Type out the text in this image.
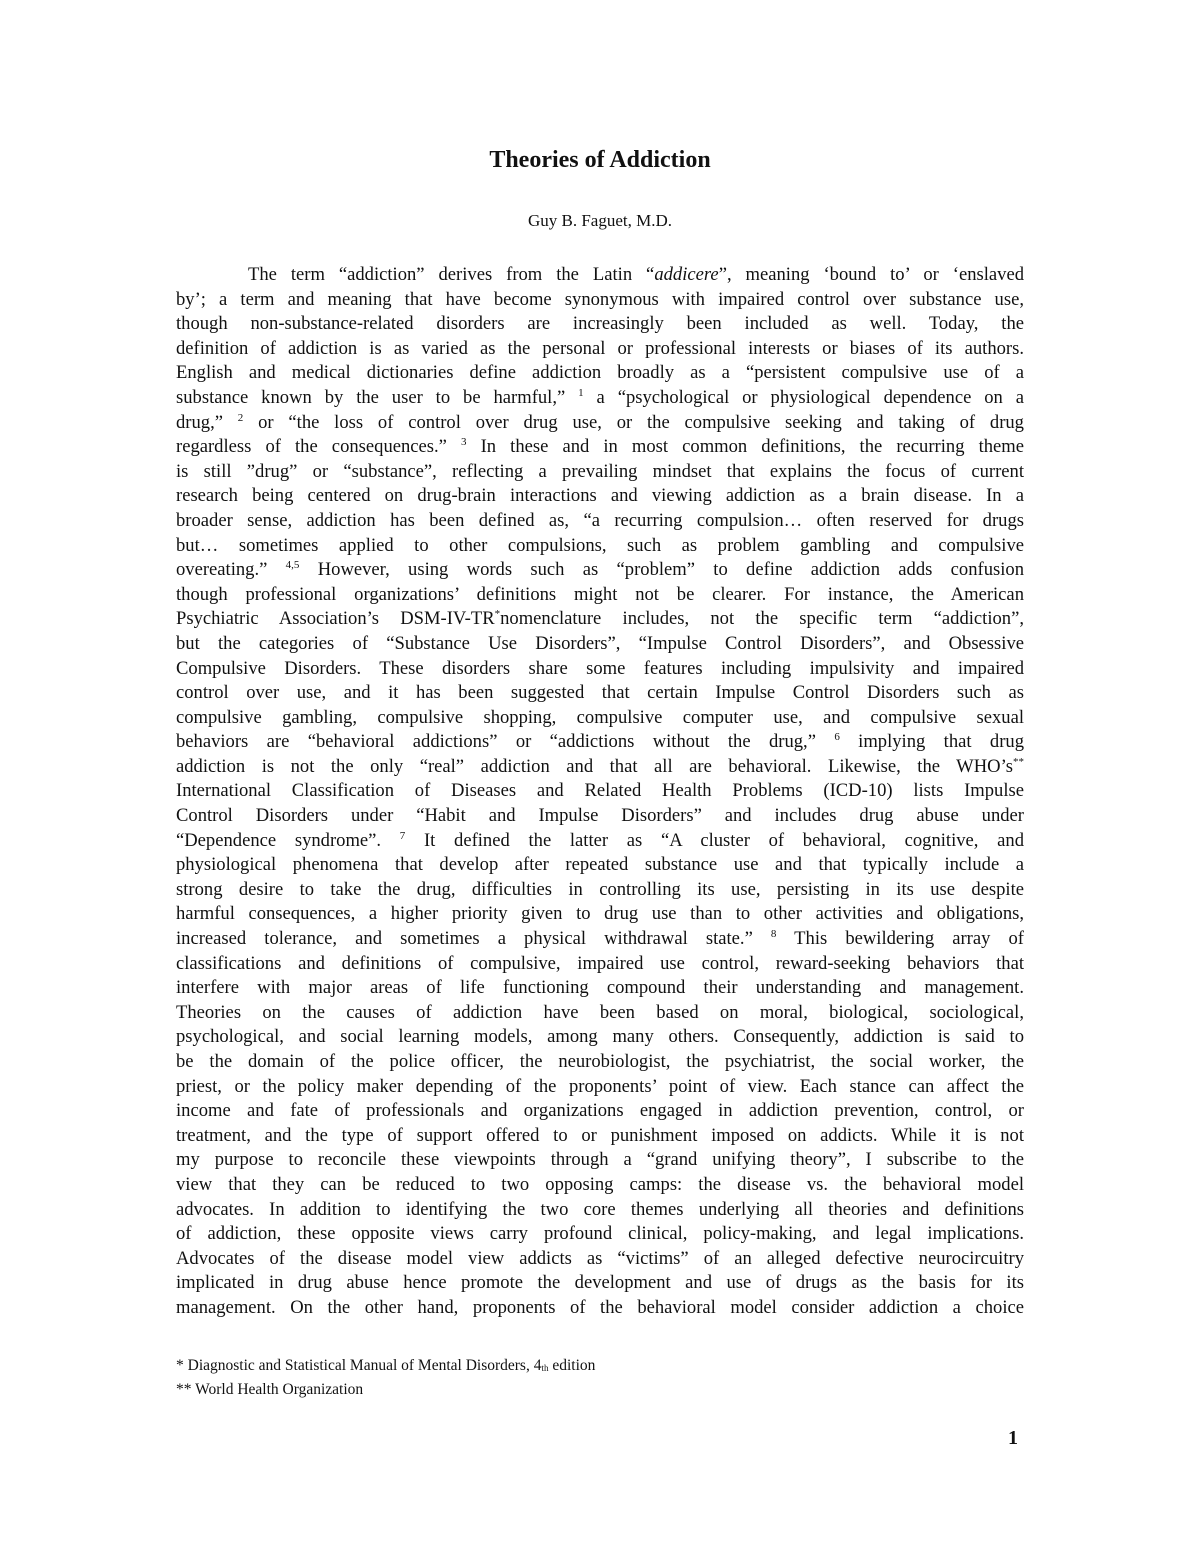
Theories of Addiction
Guy B. Faguet, M.D.
The term “addiction” derives from the Latin “addicere”, meaning ‘bound to’ or ‘enslaved
by’; a term and meaning that have become synonymous with impaired control over substance use,
though non-substance-related disorders are increasingly been included as well. Today, the
definition of addiction is as varied as the personal or professional interests or biases of its authors.
English and medical dictionaries define addiction broadly as a “persistent compulsive use of a
substance known by the user to be harmful,” $^1$ a “psychological or physiological dependence on a
drug,” $^2$ or “the loss of control over drug use, or the compulsive seeking and taking of drug
regardless of the consequences.” $^3$ In these and in most common definitions, the recurring theme
is still ”drug” or “substance”, reflecting a prevailing mindset that explains the focus of current
research being centered on drug-brain interactions and viewing addiction as a brain disease. In a
broader sense, addiction has been defined as, “a recurring compulsion… often reserved for drugs
but… sometimes applied to other compulsions, such as problem gambling and compulsive
overeating.” $^{4,5}$ However, using words such as “problem” to define addiction adds confusion
though professional organizations’ definitions might not be clearer. For instance, the American
Psychiatric Association’s DSM-IV-TR*nomenclature includes, not the specific term “addiction”,
but the categories of “Substance Use Disorders”, “Impulse Control Disorders”, and Obsessive
Compulsive Disorders. These disorders share some features including impulsivity and impaired
control over use, and it has been suggested that certain Impulse Control Disorders such as
compulsive gambling, compulsive shopping, compulsive computer use, and compulsive sexual
behaviors are “behavioral addictions” or “addictions without the drug,” $^6$ implying that drug
addiction is not the only “real” addiction and that all are behavioral. Likewise, the WHO’s**
International Classification of Diseases and Related Health Problems (ICD-10) lists Impulse
Control Disorders under “Habit and Impulse Disorders” and includes drug abuse under
“Dependence syndrome”. $^7$ It defined the latter as “A cluster of behavioral, cognitive, and
physiological phenomena that develop after repeated substance use and that typically include a
strong desire to take the drug, difficulties in controlling its use, persisting in its use despite
harmful consequences, a higher priority given to drug use than to other activities and obligations,
increased tolerance, and sometimes a physical withdrawal state.” $^8$ This bewildering array of
classifications and definitions of compulsive, impaired use control, reward-seeking behaviors that
interfere with major areas of life functioning compound their understanding and management.
Theories on the causes of addiction have been based on moral, biological, sociological,
psychological, and social learning models, among many others. Consequently, addiction is said to
be the domain of the police officer, the neurobiologist, the psychiatrist, the social worker, the
priest, or the policy maker depending of the proponents’ point of view. Each stance can affect the
income and fate of professionals and organizations engaged in addiction prevention, control, or
treatment, and the type of support offered to or punishment imposed on addicts. While it is not
my purpose to reconcile these viewpoints through a “grand unifying theory”, I subscribe to the
view that they can be reduced to two opposing camps: the disease vs. the behavioral model
advocates. In addition to identifying the two core themes underlying all theories and definitions
of addiction, these opposite views carry profound clinical, policy-making, and legal implications.
Advocates of the disease model view addicts as “victims” of an alleged defective neurocircuitry
implicated in drug abuse hence promote the development and use of drugs as the basis for its
management. On the other hand, proponents of the behavioral model consider addiction a choice
* Diagnostic and Statistical Manual of Mental Disorders, 4th edition
** World Health Organization
1
